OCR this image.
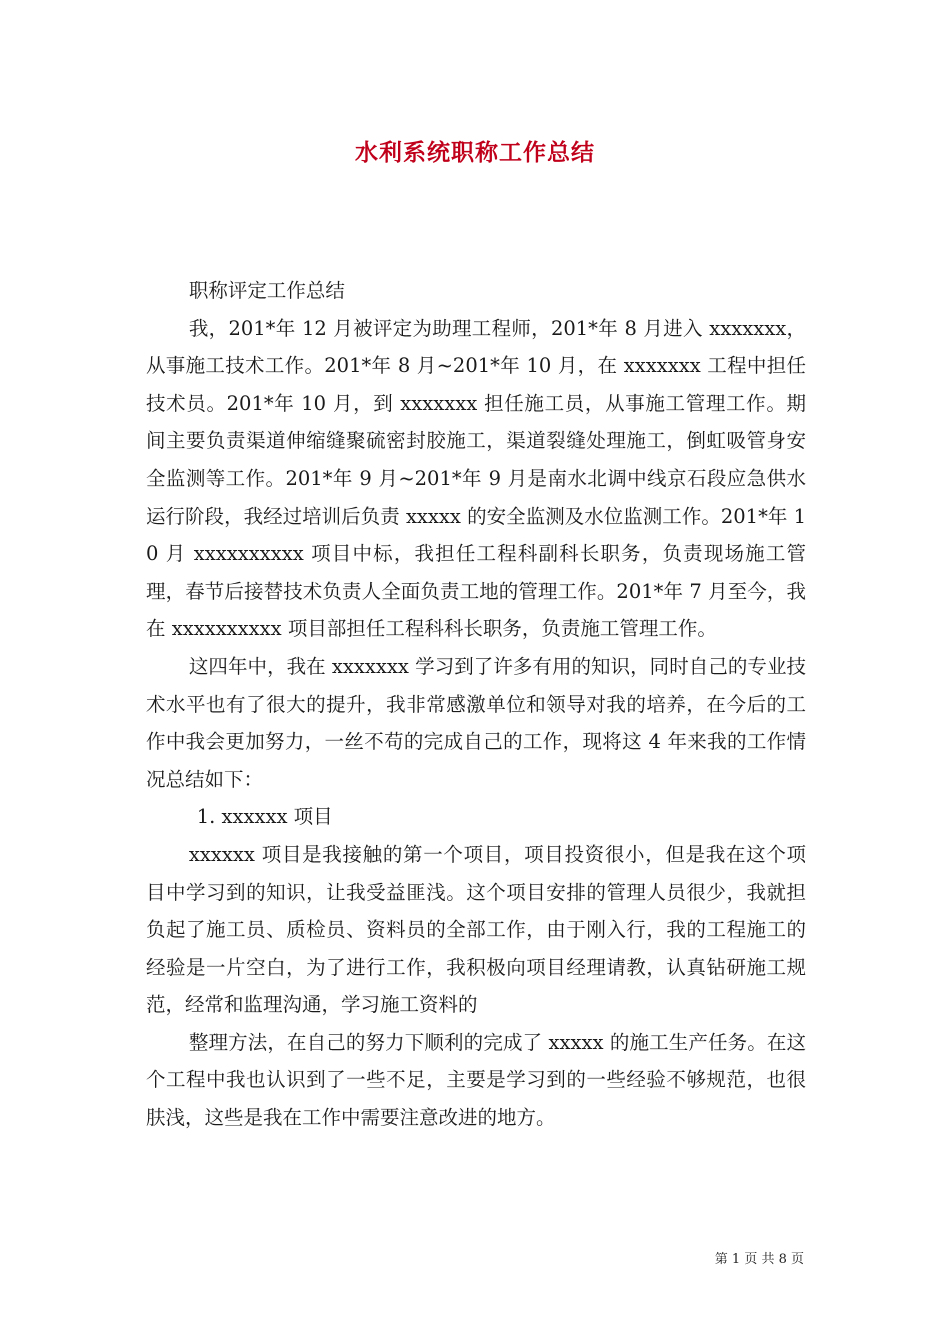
水利系统职称工作总结

职称评定工作总结

我，201*年 12 月被评定为助理工程师，201*年 8 月进入 xxxxxxx，从事施工技术工作。201*年 8 月~201*年 10 月，在 xxxxxxx 工程中担任技术员。201*年 10 月，到 xxxxxxx 担任施工员，从事施工管理工作。期间主要负责渠道伸缩缝聚硫密封胶施工，渠道裂缝处理施工，倒虹吸管身安全监测等工作。201*年 9 月~201*年 9 月是南水北调中线京石段应急供水运行阶段，我经过培训后负责 xxxxx 的安全监测及水位监测工作。201*年 10 月 xxxxxxxxxx 项目中标，我担任工程科副科长职务，负责现场施工管理，春节后接替技术负责人全面负责工地的管理工作。201*年 7 月至今，我在 xxxxxxxxxx 项目部担任工程科科长职务，负责施工管理工作。

这四年中，我在 xxxxxxx 学习到了许多有用的知识，同时自己的专业技术水平也有了很大的提升，我非常感激单位和领导对我的培养，在今后的工作中我会更加努力，一丝不苟的完成自己的工作，现将这 4 年来我的工作情况总结如下：

1. xxxxxx 项目

xxxxxx 项目是我接触的第一个项目，项目投资很小，但是我在这个项目中学习到的知识，让我受益匪浅。这个项目安排的管理人员很少，我就担负起了施工员、质检员、资料员的全部工作，由于刚入行，我的工程施工的经验是一片空白，为了进行工作，我积极向项目经理请教，认真钻研施工规范，经常和监理沟通，学习施工资料的

整理方法，在自己的努力下顺利的完成了 xxxxx 的施工生产任务。在这个工程中我也认识到了一些不足，主要是学习到的一些经验不够规范，也很肤浅，这些是我在工作中需要注意改进的地方。

第 1 页 共 8 页
